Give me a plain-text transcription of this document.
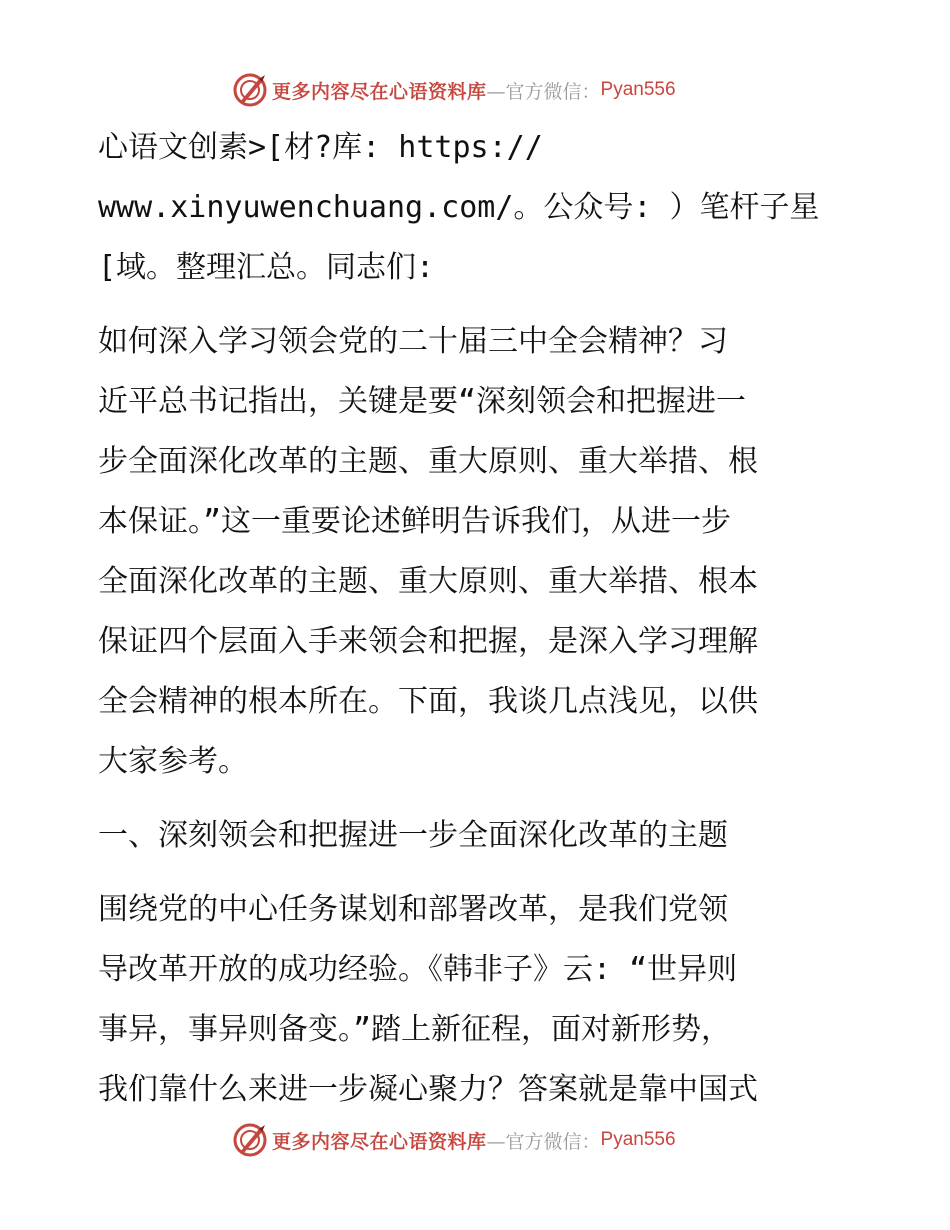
更多内容尽在心语资料库 —官方微信： Pyan556
心语文创素>[材?库: https://
www.xinyuwenchuang.com/。公众号: ）笔杆子星
[域。整理汇总。同志们:
如何深入学习领会党的二十届三中全会精神？习
近平总书记指出，关键是要“深刻领会和把握进一
步全面深化改革的主题、重大原则、重大举措、根
本保证。”这一重要论述鲜明告诉我们，从进一步
全面深化改革的主题、重大原则、重大举措、根本
保证四个层面入手来领会和把握，是深入学习理解
全会精神的根本所在。下面，我谈几点浅见，以供
大家参考。
一、深刻领会和把握进一步全面深化改革的主题
围绕党的中心任务谋划和部署改革，是我们党领
导改革开放的成功经验。《韩非子》云: “世异则
事异，事异则备变。”踏上新征程，面对新形势，
我们靠什么来进一步凝心聚力？答案就是靠中国式
更多内容尽在心语资料库 —官方微信： Pyan556
